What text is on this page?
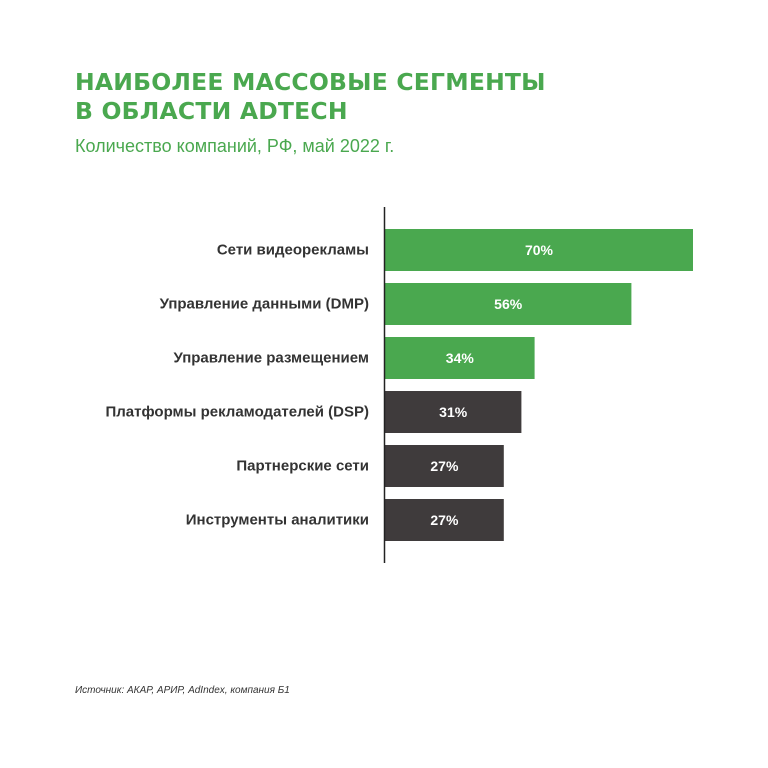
НАИБОЛЕЕ МАССОВЫЕ СЕГМЕНТЫ
В ОБЛАСТИ ADTECH

Количество компаний, РФ, май 2022 г.

Сети видеорекламы	70%
Управление данными (DMP)	56%
Управление размещением	34%
Платформы рекламодателей (DSP)	31%
Партнерские сети	27%
Инструменты аналитики	27%

Источник: АКАР, АРИР, AdIndex, компания Б1
